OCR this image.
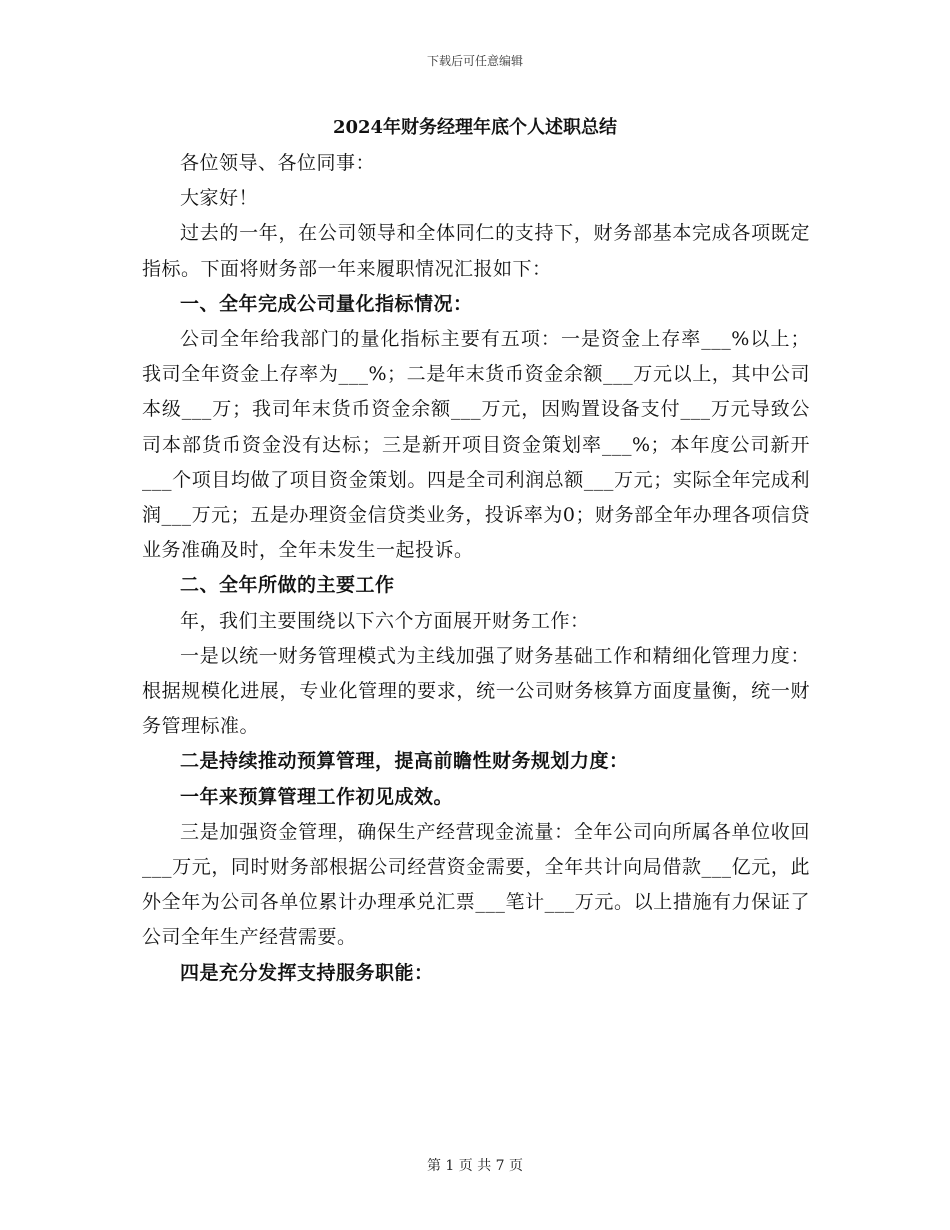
下载后可任意编辑
2024年财务经理年底个人述职总结

各位领导、各位同事：

大家好！

过去的一年，在公司领导和全体同仁的支持下，财务部基本完成各项既定指标。下面将财务部一年来履职情况汇报如下：

一、全年完成公司量化指标情况：

公司全年给我部门的量化指标主要有五项：一是资金上存率___%以上；我司全年资金上存率为___%；二是年末货币资金余额___万元以上，其中公司本级___万；我司年末货币资金余额___万元，因购置设备支付___万元导致公司本部货币资金没有达标；三是新开项目资金策划率___%；本年度公司新开___个项目均做了项目资金策划。四是全司利润总额___万元；实际全年完成利润___万元；五是办理资金信贷类业务，投诉率为0；财务部全年办理各项信贷业务准确及时，全年未发生一起投诉。

二、全年所做的主要工作

年，我们主要围绕以下六个方面展开财务工作：

一是以统一财务管理模式为主线加强了财务基础工作和精细化管理力度：根据规模化进展，专业化管理的要求，统一公司财务核算方面度量衡，统一财务管理标准。

二是持续推动预算管理，提高前瞻性财务规划力度：

一年来预算管理工作初见成效。

三是加强资金管理，确保生产经营现金流量：全年公司向所属各单位收回___万元，同时财务部根据公司经营资金需要，全年共计向局借款___亿元，此外全年为公司各单位累计办理承兑汇票___笔计___万元。以上措施有力保证了公司全年生产经营需要。

四是充分发挥支持服务职能：

第 1 页 共 7 页
